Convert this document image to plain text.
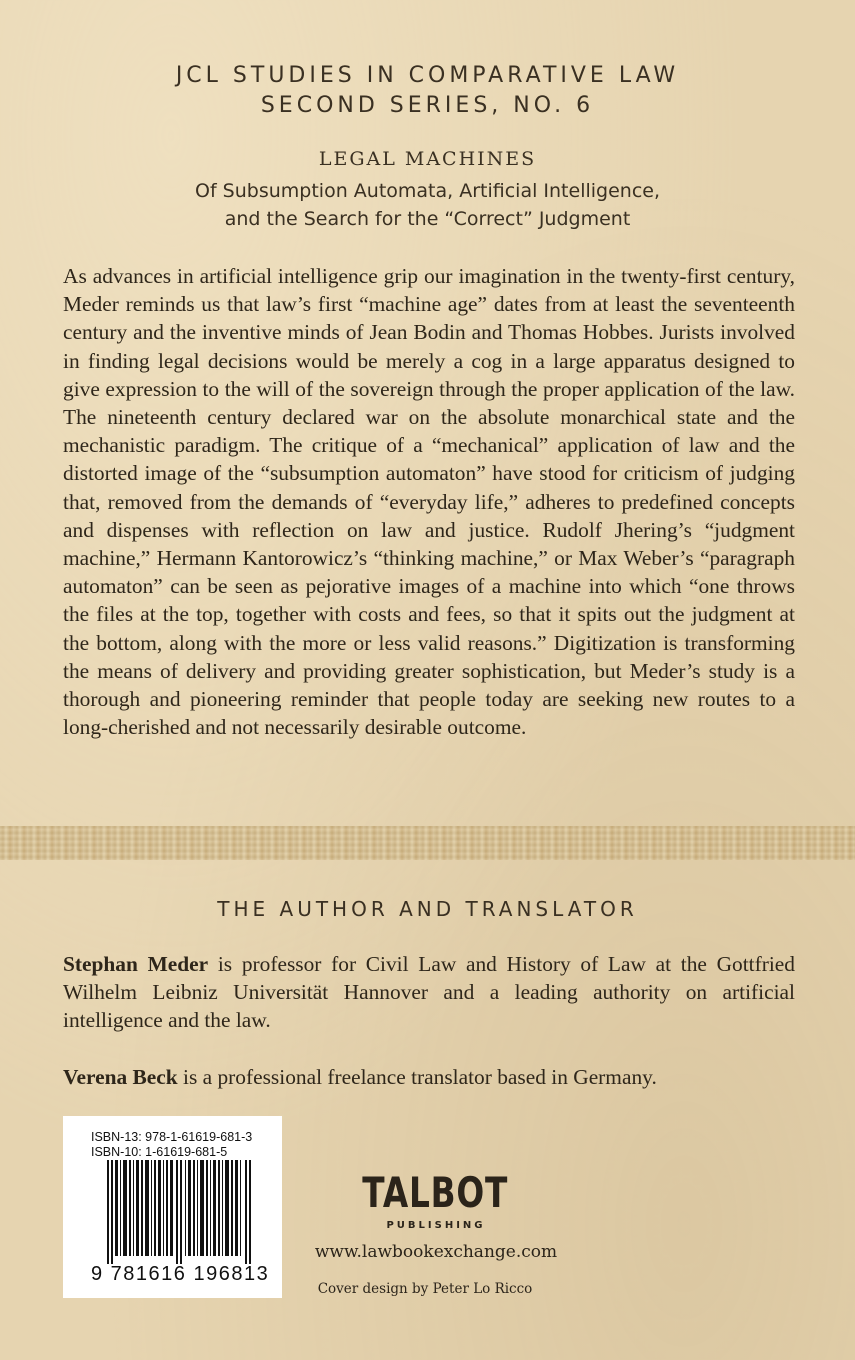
JCL STUDIES IN COMPARATIVE LAW
SECOND SERIES, NO. 6
LEGAL MACHINES
Of Subsumption Automata, Artificial Intelligence,
and the Search for the “Correct” Judgment

As advances in artificial intelligence grip our imagination in the twenty-first century, Meder reminds us that law’s first “machine age” dates from at least the seventeenth century and the inventive minds of Jean Bodin and Thomas Hobbes. Jurists involved in finding legal decisions would be merely a cog in a large apparatus designed to give expression to the will of the sovereign through the proper application of the law. The nineteenth century declared war on the absolute monarchical state and the mechanistic paradigm. The critique of a “mechanical” application of law and the distorted image of the “subsumption automaton” have stood for criticism of judging that, removed from the demands of “everyday life,” adheres to predefined concepts and dispenses with reflection on law and justice. Rudolf Jhering’s “judgment machine,” Hermann Kantorowicz’s “thinking machine,” or Max Weber’s “paragraph automaton” can be seen as pejorative images of a machine into which “one throws the files at the top, together with costs and fees, so that it spits out the judgment at the bottom, along with the more or less valid reasons.” Digitization is transforming the means of delivery and providing greater sophistication, but Meder’s study is a thorough and pioneering reminder that people today are seeking new routes to a long-cherished and not necessarily desirable outcome.

THE AUTHOR AND TRANSLATOR

Stephan Meder is professor for Civil Law and History of Law at the Gottfried Wilhelm Leibniz Universität Hannover and a leading authority on artificial intelligence and the law.

Verena Beck is a professional freelance translator based in Germany.

ISBN-13: 978-1-61619-681-3
ISBN-10: 1-61619-681-5
9 781616 196813
TALBOT
PUBLISHING
www.lawbookexchange.com
Cover design by Peter Lo Ricco
